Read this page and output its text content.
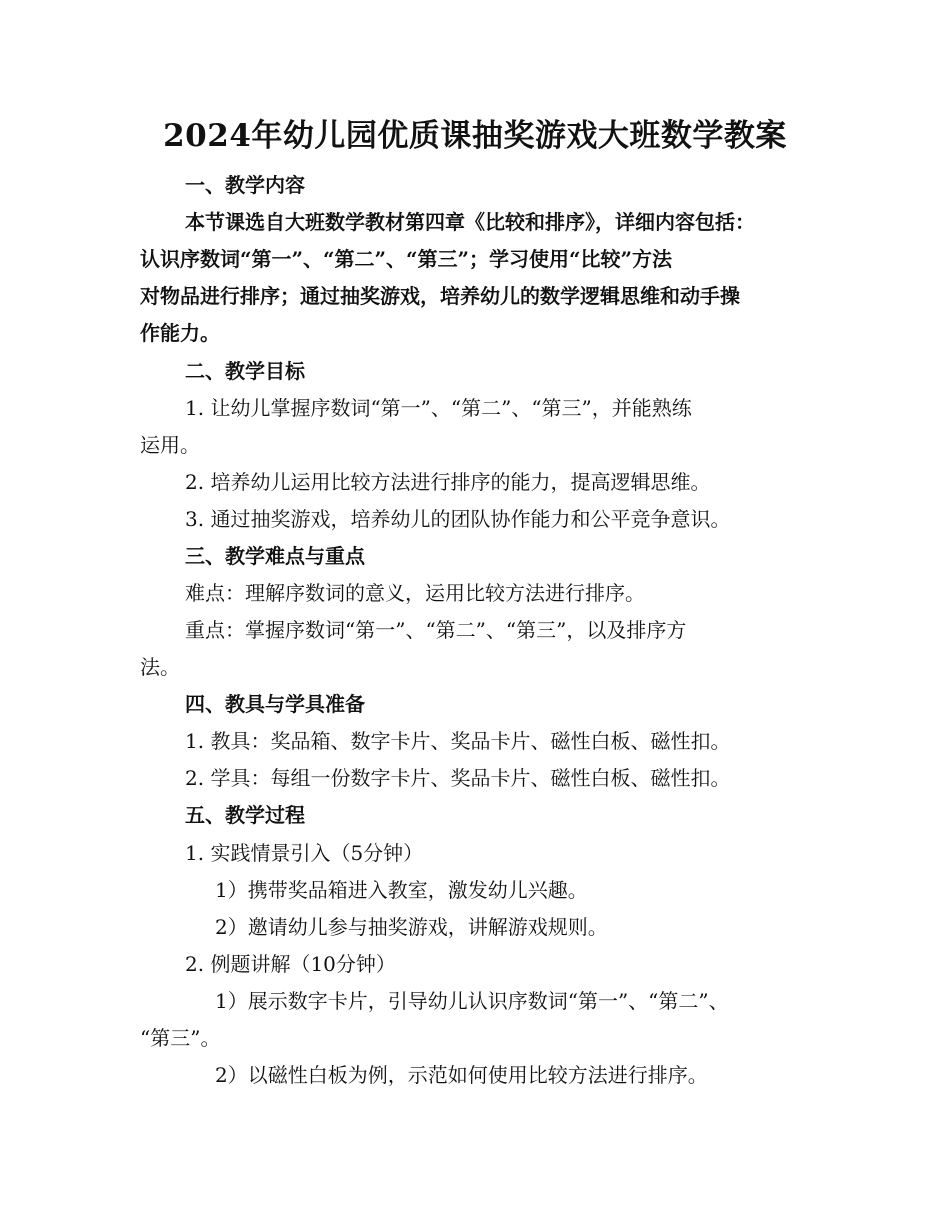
2024年幼儿园优质课抽奖游戏大班数学教案
一、教学内容
本节课选自大班数学教材第四章《比较和排序》，详细内容包括：
认识序数词“第一”、“第二”、“第三”；学习使用“比较”方法
对物品进行排序；通过抽奖游戏，培养幼儿的数学逻辑思维和动手操
作能力。
二、教学目标
1. 让幼儿掌握序数词“第一”、“第二”、“第三”，并能熟练
运用。
2. 培养幼儿运用比较方法进行排序的能力，提高逻辑思维。
3. 通过抽奖游戏，培养幼儿的团队协作能力和公平竞争意识。
三、教学难点与重点
难点：理解序数词的意义，运用比较方法进行排序。
重点：掌握序数词“第一”、“第二”、“第三”，以及排序方
法。
四、教具与学具准备
1. 教具：奖品箱、数字卡片、奖品卡片、磁性白板、磁性扣。
2. 学具：每组一份数字卡片、奖品卡片、磁性白板、磁性扣。
五、教学过程
1. 实践情景引入（5分钟）
1）携带奖品箱进入教室，激发幼儿兴趣。
2）邀请幼儿参与抽奖游戏，讲解游戏规则。
2. 例题讲解（10分钟）
1）展示数字卡片，引导幼儿认识序数词“第一”、“第二”、
“第三”。
2）以磁性白板为例，示范如何使用比较方法进行排序。
